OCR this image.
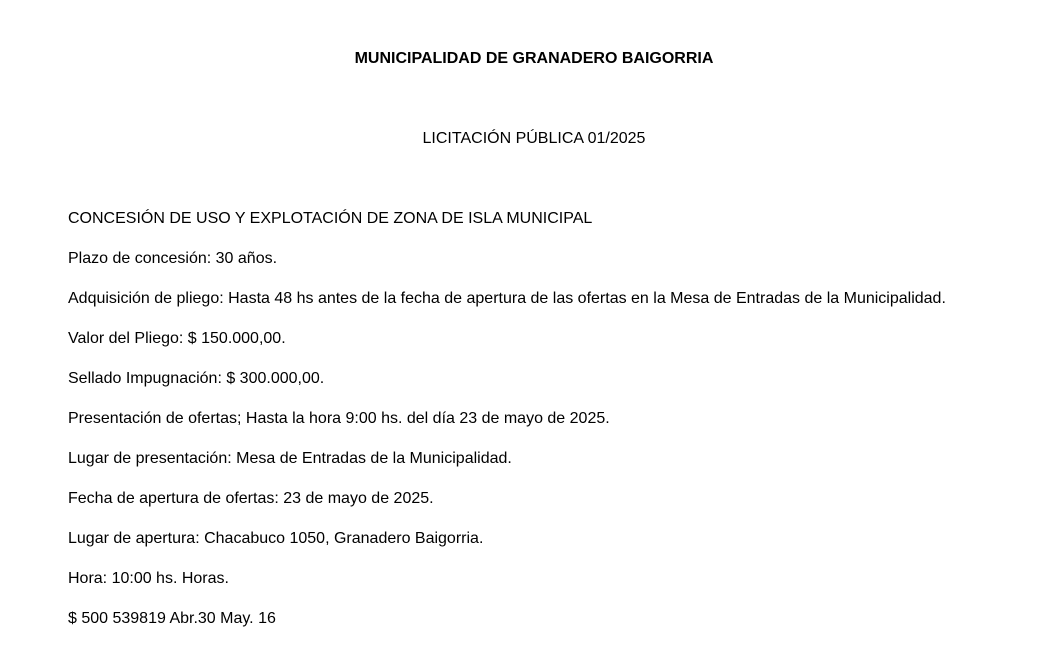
MUNICIPALIDAD DE GRANADERO BAIGORRIA
LICITACIÓN PÚBLICA 01/2025
CONCESIÓN DE USO Y EXPLOTACIÓN DE ZONA DE ISLA MUNICIPAL
Plazo de concesión: 30 años.
Adquisición de pliego: Hasta 48 hs antes de la fecha de apertura de las ofertas en la Mesa de Entradas de la Municipalidad.
Valor del Pliego: $ 150.000,00.
Sellado Impugnación: $ 300.000,00.
Presentación de ofertas; Hasta la hora 9:00 hs. del día 23 de mayo de 2025.
Lugar de presentación: Mesa de Entradas de la Municipalidad.
Fecha de apertura de ofertas: 23 de mayo de 2025.
Lugar de apertura: Chacabuco 1050, Granadero Baigorria.
Hora: 10:00 hs. Horas.
$ 500 539819 Abr.30 May. 16
